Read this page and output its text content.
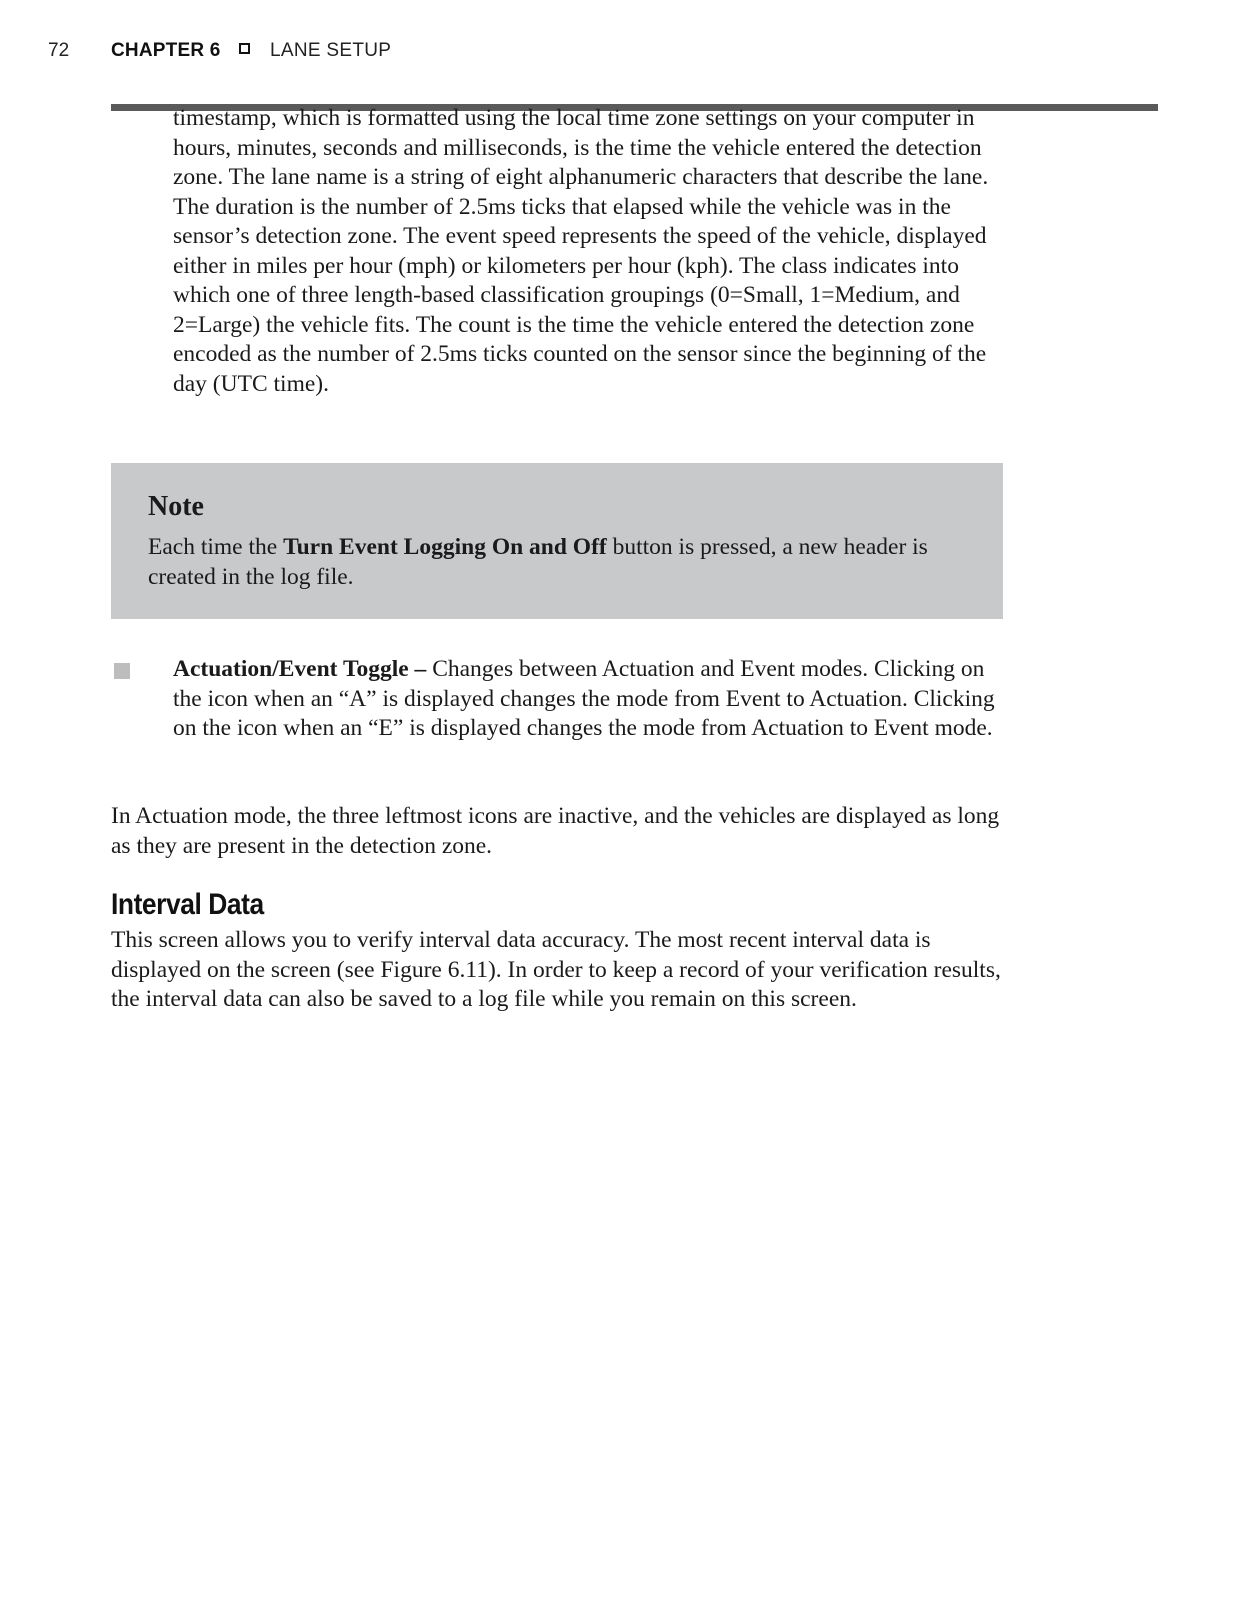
72 CHAPTER 6	LANE SETUP

timestamp, which is formatted using the local time zone settings on your computer in hours, minutes, seconds and milliseconds, is the time the vehicle entered the detection zone. The lane name is a string of eight alphanumeric characters that describe the lane. The duration is the number of 2.5ms ticks that elapsed while the vehicle was in the sensor’s detection zone. The event speed represents the speed of the vehicle, displayed either in miles per hour (mph) or kilometers per hour (kph). The class indicates into which one of three length-based classification groupings (0=Small, 1=Medium, and 2=Large) the vehicle fits. The count is the time the vehicle entered the detection zone encoded as the number of 2.5ms ticks counted on the sensor since the beginning of the day (UTC time).

Note
Each time the Turn Event Logging On and Off button is pressed, a new header is created in the log file.

Actuation/Event Toggle – Changes between Actuation and Event modes. Clicking on the icon when an “A” is displayed changes the mode from Event to Actuation. Clicking on the icon when an “E” is displayed changes the mode from Actuation to Event mode.

In Actuation mode, the three leftmost icons are inactive, and the vehicles are displayed as long as they are present in the detection zone.

Interval Data

This screen allows you to verify interval data accuracy. The most recent interval data is displayed on the screen (see Figure 6.11). In order to keep a record of your verification results, the interval data can also be saved to a log file while you remain on this screen.
